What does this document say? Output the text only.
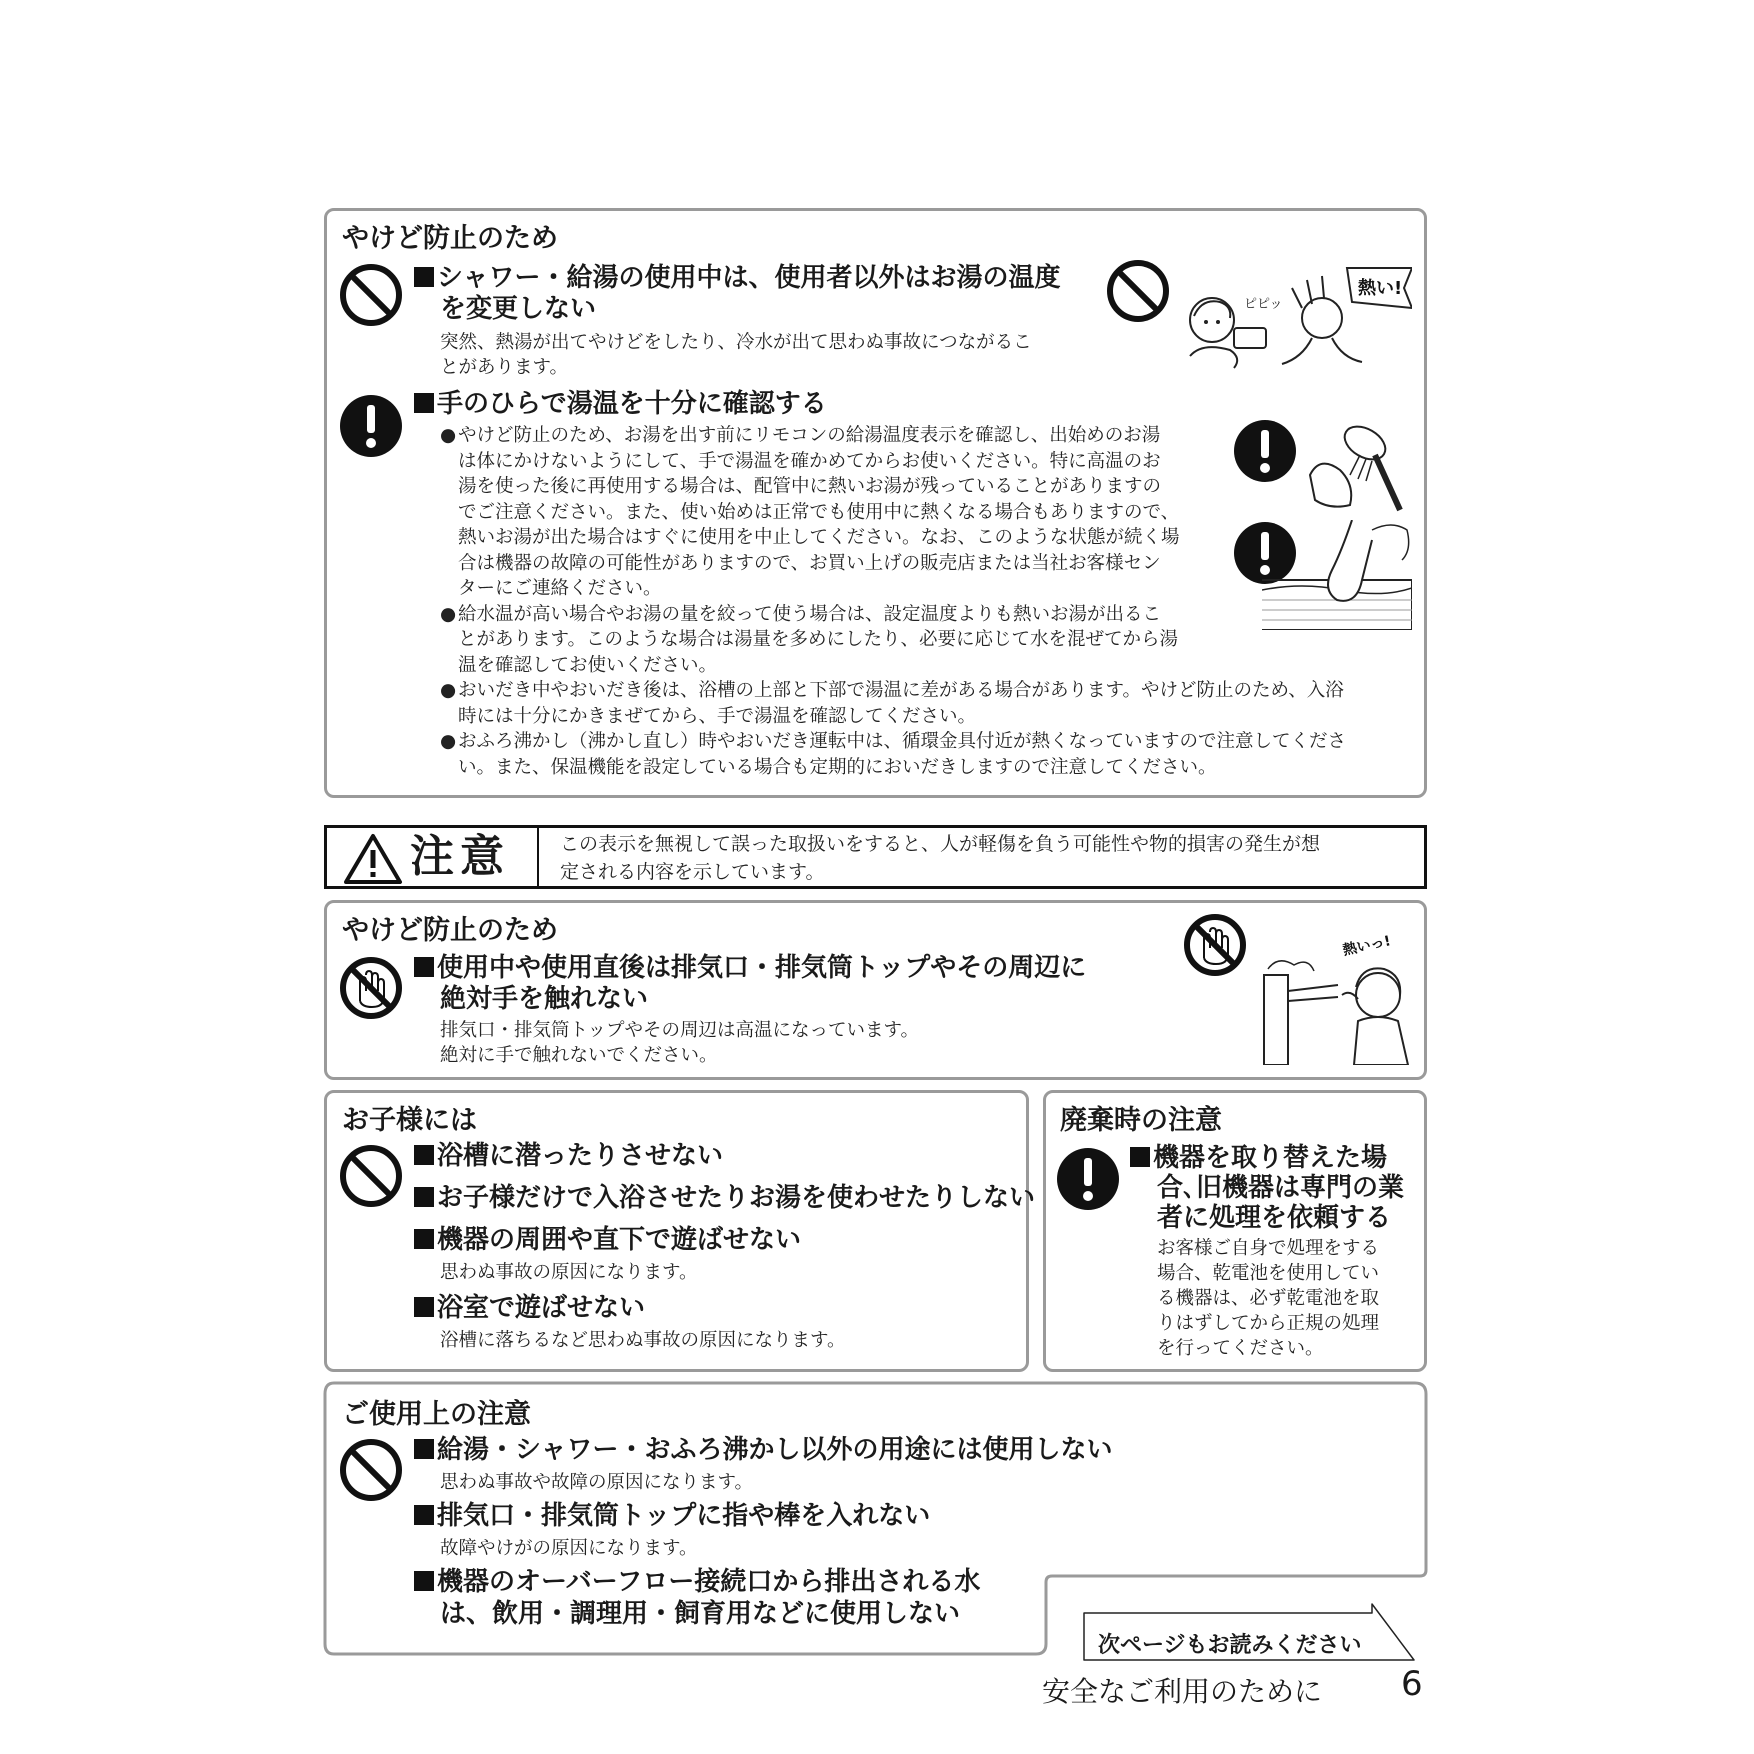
やけど防止のため
シャワー・給湯の使用中は、使用者以外はお湯の温度
を変更しない
突然、熱湯が出てやけどをしたり、冷水が出て思わぬ事故につながるこ
とがあります。
ピピッ
熱い!
手のひらで湯温を十分に確認する
● やけど防止のため、お湯を出す前にリモコンの給湯温度表示を確認し、出始めのお湯
は体にかけないようにして、手で湯温を確かめてからお使いください。特に高温のお
湯を使った後に再使用する場合は、配管中に熱いお湯が残っていることがありますの
でご注意ください。また、使い始めは正常でも使用中に熱くなる場合もありますので、
熱いお湯が出た場合はすぐに使用を中止してください。なお、このような状態が続く場
合は機器の故障の可能性がありますので、お買い上げの販売店または当社お客様セン
ターにご連絡ください。
● 給水温が高い場合やお湯の量を絞って使う場合は、設定温度よりも熱いお湯が出るこ
とがあります。このような場合は湯量を多めにしたり、必要に応じて水を混ぜてから湯
温を確認してお使いください。
● おいだき中やおいだき後は、浴槽の上部と下部で湯温に差がある場合があります。やけど防止のため、入浴
時には十分にかきまぜてから、手で湯温を確認してください。
● おふろ沸かし（沸かし直し）時やおいだき運転中は、循環金具付近が熱くなっていますので注意してくださ
い。また、保温機能を設定している場合も定期的においだきしますので注意してください。
注意	この表示を無視して誤った取扱いをすると、人が軽傷を負う可能性や物的損害の発生が想
定される内容を示しています。
やけど防止のため
使用中や使用直後は排気口・排気筒トップやその周辺に
絶対手を触れない
排気口・排気筒トップやその周辺は高温になっています。
絶対に手で触れないでください。
熱いっ!
お子様には
浴槽に潜ったりさせない
お子様だけで入浴させたりお湯を使わせたりしない
機器の周囲や直下で遊ばせない
思わぬ事故の原因になります。
浴室で遊ばせない
浴槽に落ちるなど思わぬ事故の原因になります。
廃棄時の注意
機器を取り替えた場
合､旧機器は専門の業
者に処理を依頼する
お客様ご自身で処理をする
場合、乾電池を使用してい
る機器は、必ず乾電池を取
りはずしてから正規の処理
を行ってください。
ご使用上の注意
給湯・シャワー・おふろ沸かし以外の用途には使用しない
思わぬ事故や故障の原因になります。
排気口・排気筒トップに指や棒を入れない
故障やけがの原因になります。
機器のオーバーフロー接続口から排出される水
は、飲用・調理用・飼育用などに使用しない
次ページもお読みください
安全なご利用のために 6
